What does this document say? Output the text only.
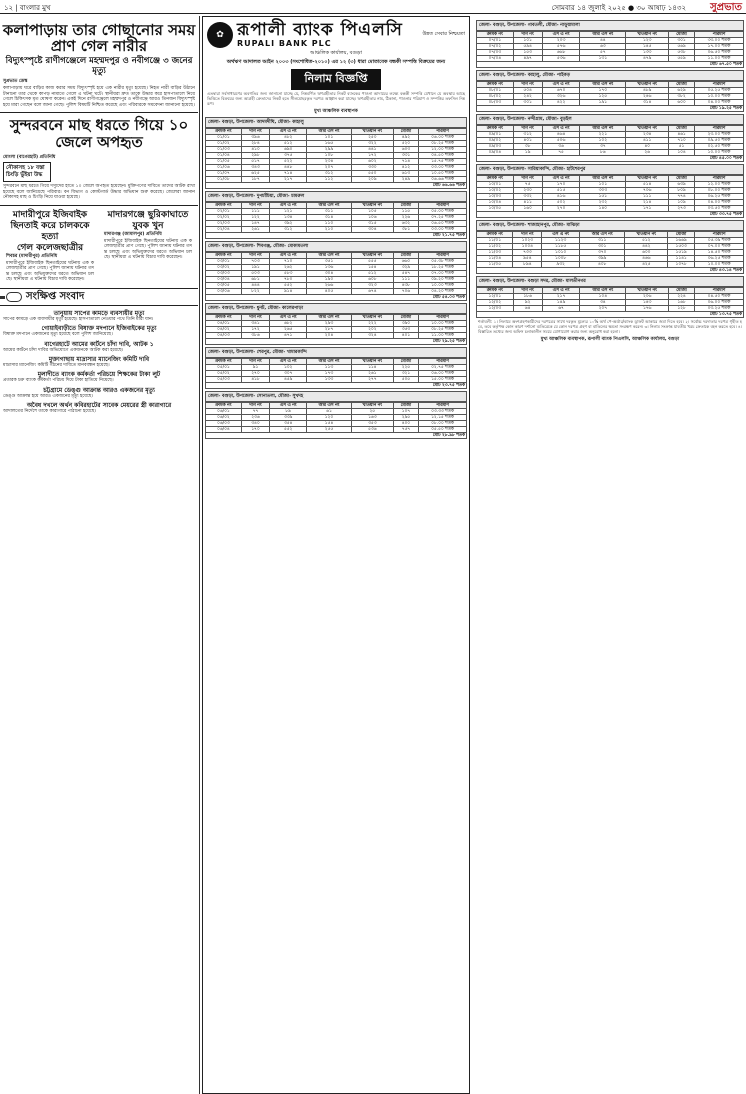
১২ | বাংলার মুখ	সোমবার ১৪ জুলাই ২০২৫ ● ৩০ আষাঢ় ১৪৩২ সুপ্রভাত
কলাপাড়ায় তার গোছানোর সময় প্রাণ গেল নারীর
বিদ্যুৎস্পৃষ্টে রাণীগঞ্জেলে মহম্মদপুর ও নবীগঞ্জে ৩ জনের মৃত্যু
সুপ্রভাত ডেস্ক

কলাপাড়ায় ঘরে বাড়ির কাজ করার সময় বিদ্যুৎস্পৃষ্ট হয়ে এক নারীর মৃত্যু হয়েছে। নিহত নারী বাড়ির উঠানে টানানো তার থেকে কাপড় নামাতে গেলে এ ঘটনা ঘটে। স্থানীয়রা দ্রুত তাকে উদ্ধার করে হাসপাতালে নিয়ে গেলে চিকিৎসক মৃত ঘোষণা করেন। একই দিনে রাণীগঞ্জেলে মহম্মদপুর ও নবীগঞ্জে আরও তিনজন বিদ্যুৎস্পৃষ্ট হয়ে মারা গেছেন বলে জানা গেছে। পুলিশ বিষয়টি নিশ্চিত করেছে এবং পরিবারকে সমবেদনা জানানো হয়েছে।

সুন্দরবনে মাছ ধরতে গিয়ে ১০ জেলে অপহৃত
মোংলা (বাগেরহাট) প্রতিনিধি
নৌকাসহ ১৮ বস্তা চিংড়ি ভুঁইয়া উদ্ধ

সুন্দরবনে মাছ ধরতে গিয়ে দস্যুদের হাতে ১০ জেলে অপহৃত হয়েছেন। মুক্তিপণের দাবিতে তাদের আটক রাখা হয়েছে বলে জানিয়েছে পরিবার। বন বিভাগ ও কোস্টগার্ড উদ্ধার অভিযান শুরু করেছে। জেলেরা জানান নৌকাসহ মাছ ও চিংড়ি নিয়ে যাওয়া হয়েছে।

মাদারীপুরে ইজিবাইক ছিনতাই করে চালককে হত্যা
গেল কলেজছাত্রীর
শিবচর (মাদারীপুর) প্রতিনিধি

মাদারীপুরে ইজিবাইক ছিনতাইয়ের ঘটনায় এক কলেজছাত্রীর প্রাণ গেছে। পুলিশ জানায় ঘটনার তদন্ত চলছে এবং অভিযুক্তদের ধরতে অভিযান চলছে। স্থানীয়রা এ ঘটনায় বিচার দাবি করেছেন।

মাদারগঞ্জে ছুরিকাঘাতে যুবক খুন
মাদারগঞ্জ (জামালপুর) প্রতিনিধি

মাদারীপুরে ইজিবাইক ছিনতাইয়ের ঘটনায় এক কলেজছাত্রীর প্রাণ গেছে। পুলিশ জানায় ঘটনার তদন্ত চলছে এবং অভিযুক্তদের ধরতে অভিযান চলছে। স্থানীয়রা এ ঘটনায় বিচার দাবি করেছেন।

সংক্ষিপ্ত সংবাদ
তানুয়ায় সাপের কামড়ে ব্যবসায়ীর মৃত্যু
সাপের কামড়ে এক ব্যবসায়ীর মৃত্যু হয়েছে। হাসপাতালে নেওয়ার পথে তিনি মারা যান।
গোয়াইবাড়ীতে বিষাক্ত মদপানে ইজিবাইকের মৃত্যু
বিষাক্ত মদপানে একজনের মৃত্যু হয়েছে বলে পুলিশ জানিয়েছে।
বাগেরহাটে আমের কার্টনে চাঁদা দাবি, আটক ১
আমের কার্টনে চাঁদা দাবির অভিযোগে একজনকে আটক করা হয়েছে।
মুক্তাগাছায় মাদ্রাসার ম্যানেজিং কমিটি দাবি
মাদ্রাসার ম্যানেজিং কমিটি গঠনের দাবিতে মানববন্ধন হয়েছে।
মুলাদীতে ব্যাংক কর্মকর্তা পরিচয়ে শিক্ষকের টাকা লুট
প্রতারক চক্র ব্যাংক কর্মকর্তা পরিচয় দিয়ে টাকা হাতিয়ে নিয়েছে।
চট্টগ্রামে ডেঙ্গু আক্রান্ত আরও একজনের মৃত্যু
ডেঙ্গু আক্রান্ত হয়ে আরও একজনের মৃত্যু হয়েছে।
অবৈধ দখলে অর্থন কবিরহাটের সাবেক মেয়রের স্ত্রী কারাগারে
আদালতের নির্দেশে তাকে কারাগারে পাঠানো হয়েছে।
✿ রূপালী ব্যাংক পিএলসি
RUPALI BANK PLC
উন্নত সেবার নিশ্চয়তা
আঞ্চলিক কার্যালয়, বগুড়া
অর্থঋণ আদালত আইন ২০০৩ (সংশোধিত-২০১০) এর ১২ (৩) ধারা মোতাবেক বন্ধকী সম্পত্তি বিক্রয়ের জন্য
নিলাম বিজ্ঞপ্তি
এতদ্বারা সর্বসাধারণের অবগতির জন্য জানানো যাচ্ছে যে, নিম্নবর্ণিত ঋণগ্রহীতার নিকট ব্যাংকের পাওনা আদায়ের লক্ষ্যে বন্ধকী সম্পত্তি যেখানে যে অবস্থায় আছে ভিত্তিতে বিক্রয়ের জন্য আগ্রহী ক্রেতাদের নিকট হতে সীলমোহরকৃত দরপত্র আহ্বান করা যাচ্ছে। ঋণগ্রহীতার নাম, ঠিকানা, পাওনার পরিমাণ ও সম্পত্তির তফসিল নিম্নরূপ।
মুখ্য আঞ্চলিক ব্যবস্থাপক
জেলা- বগুড়া, উপজেলা- আদমদীঘি, মৌজা- কাহালু
ক্রমিক নং	দাগ নং	এস এ নং	আর এস নং	খতিয়ান নং	মৌজা	পরিমাণ
০১/০১	৩৯৬	৪৮২	১০১	২৫০	৪৯২	০৬.০০ শতক
০১/০২	২৮৪	৫১২	১৬৫	৩২২	৫২০	০৮.২৫ শতক
০১/০৩	৪১০	৬৯০	২৯৯	৪৪১	৬০৩	১২.০০ শতক
০১/০৪	২৯৮	৩৭৫	১০৮	১৭২	৩৩১	০৪.৫০ শতক
০১/০৫	৫১৭	৫২২	২৩৪	৬০২	৭১৪	১৫.৭৫ শতক
০১/০৬	৩৪৩	৪৪৮	২০৭	৩৩০	৪১২	০৩.০০ শতক
০১/০৭	৬২৫	৭১৪	৩১২	৫৫০	৬১৩	১০.৫০ শতক
০১/০৮	১৮৭	২১৭	১১২	২০৯	২৪৯	০৬.৬৬ শতক
মোট ৬৬.৬৬ শতক						
জেলা- বগুড়া, উপজেলা- দুপচাঁচিয়া, মৌজা- চামরুল
ক্রমিক নং	দাগ নং	এস এ নং	আর এস নং	খতিয়ান নং	মৌজা	পরিমাণ
০২/০১	১১১	১২১	৩১১	১০৫	১১৫	০৫.০০ শতক
০২/০২	১২২	১৩৪	৩১৪	১০৬	২২৬	০৭.২৫ শতক
০২/০৩	১৪৭	৩৯২	১১০	৩১৫	৬৩২	০৬.৫০ শতক
০২/০৪	২৬১	৩১২	২১০	৩০৪	৩৮১	০৩.০০ শতক
মোট ২১.৭৫ শতক						
জেলা- বগুড়া, উপজেলা- শিবগঞ্জ, মৌজা- মোকামতলা
ক্রমিক নং	দাগ নং	এস এ নং	আর এস নং	খতিয়ান নং	মৌজা	পরিমাণ
০৩/০১	৭০৩	৭১০	৩৫১	৫৫৫	৬৬০	০৫.৩৮ শতক
০৩/০২	১৯১	২৬২	১৩৬	১৫৪	৩২৯	১৮.২৫ শতক
০৩/০৩	৫০৩	৫৮৩	৩০৪	৫১২	৫৪৭	০৭.০০ শতক
০৩/০৪	৬৮১	৭৮০	১৯০	৬০৮	১১১	০৯.২০ শতক
০৩/০৫	৪৪৪	৫৫২	২৬৬	৩২৩	৪৩৮	১০.০০ শতক
০৩/০৬	৮২২	৯১৪	৪০৫	৬৭৪	৭০৬	০৪.২০ শতক
মোট ৫৪.০৩ শতক						
জেলা- বগুড়া, উপজেলা- ধুনট, মৌজা- কালেরপাড়া
ক্রমিক নং	দাগ নং	এস এ নং	আর এস নং	খতিয়ান নং	মৌজা	পরিমাণ
০৪/০১	৩৪১	৬৮২	২৯৩	২২২	৩৯০	১০.০০ শতক
০৪/০২	১৭২	২৬৫	২৮৭	২০২	৩৫৩	০৮.২৫ শতক
০৪/০৩	৩৮৬	৪৭১	২০৪	৩২৪	৪০১	১১.০০ শতক
মোট ২৯.২৫ শতক						
জেলা- বগুড়া, উপজেলা- শেরপুর, মৌজা- খামারকান্দি
ক্রমিক নং	দাগ নং	এস এ নং	আর এস নং	খতিয়ান নং	মৌজা	পরিমাণ
০৫/০১	৯১	১০২	১১৩	১১৪	২২৫	০২.৭৫ শতক
০৫/০২	২৭০	৩০৭	১৭৩	২৬১	৩২১	০৬.০০ শতক
০৫/০৩	৪১৮	৪৫৯	১৩৩	২৭৭	৫০৫	১৫.০০ শতক
মোট ২৩.৭৫ শতক						
জেলা- বগুড়া, উপজেলা- সোনাতলা, মৌজা- সুখদহ
ক্রমিক নং	দাগ নং	এস এ নং	আর এস নং	খতিয়ান নং	মৌজা	পরিমাণ
০৬/০১	৭৭	৮৯	৬১	২৫	১০৭	০৩.৩৩ শতক
০৬/০২	২৩৬	৩৩৯	১২০	১৬৩	২৯৫	১২.১৫ শতক
০৬/০৩	৩৪০	৩৫৪	১৫৪	৩৫৩	৪০০	০৮.০০ শতক
০৬/০৪	১৭০	৫৫২	২৫৫	৫৩৬	৭৫৭	০৫.৫০ শতক
মোট ২৮.৯৮ শতক						
জেলা- বগুড়া, উপজেলা- গাবতলী, মৌজা- নাড়ুয়ামালা
ক্রমিক নং	দাগ নং	এস এ নং	আর এস নং	খতিয়ান নং	মৌজা	পরিমাণ
০৭/০১	১০১	২০৩	৪৪	১২৩	৩০১	৩৩.০০ শতক
০৭/০২	৫৯৪	৫৭৬	৬৩	১৪৫	৫৬৯	১৭.০০ শতক
০৭/০৩	১৫৩	৬৬৮	৫৭	১৩৩	৫৩৮	০৬.৫০ শতক
০৭/০৪	৪৯৭	৫৩৬	১৩১	৪৭৯	৫৫৯	১১.০০ শতক
মোট ৬৭.৫০ শতক						
জেলা- বগুড়া, উপজেলা- কাহালু, মৌজা- পাইকড়
ক্রমিক নং	দাগ নং	এস এ নং	আর এস নং	খতিয়ান নং	মৌজা	পরিমাণ
০৮/০১	৫০৪	৬৭০	১৭০	৪৮৯	৬২৯	০৫.২৫ শতক
০৮/০২	২৪২	৩২৬	১২৫	২৪৬	৩৮২	১০.০০ শতক
০৮/০৩	৩০১	৪২২	১৯১	৩১৪	৬০০	০৪.০০ শতক
মোট ১৯.২৫ শতক						
জেলা- বগুড়া, উপজেলা- নন্দীগ্রাম, মৌজা- বুড়ইল
ক্রমিক নং	দাগ নং	এস এ নং	আর এস নং	খতিয়ান নং	মৌজা	পরিমাণ
০৯/০১	৩১২	৪৬৪	২২১	২৩৪	৪৬১	২৩.০০ শতক
০৯/০২	৪০১	৫০৬	১০২	৪১১	৭১০	০৯.৫০ শতক
০৯/০৩	৩৮	৩৬	৩৭	৪০	৫১	০২.৫০ শতক
০৯/০৪	১৯	৭৫	৮৬	২৬	১০৪	১০.০০ শতক
মোট ৪৫.০০ শতক						
জেলা- বগুড়া, উপজেলা- সারিয়াকান্দি, মৌজা- হাটশেরপুর
ক্রমিক নং	দাগ নং	এস এ নং	আর এস নং	খতিয়ান নং	মৌজা	পরিমাণ
১০/০১	৭৫	১৭০	১০১	৫১৪	৬৩৯	১২.০০ শতক
১০/০২	২৩০	৫১৫	৩০৩	৭০৬	৮০৯	০৮.০০ শতক
১০/০৩	৩৩২	৪১৬	১৫১	১১১	৭৭৪	০৬.২৫ শতক
১০/০৪	৪১১	৫০২	২৩২	২১৪	১০৯	০৪.০০ শতক
১০/০৫	১৬০	২৭০	১৪০	১৭১	২৭৩	০৩.৫০ শতক
মোট ৩৩.৭৫ শতক						
জেলা- বগুড়া, উপজেলা- শাজাহানপুর, মৌজা- মাঝিড়া
ক্রমিক নং	দাগ নং	এস এ নং	আর এস নং	খতিয়ান নং	মৌজা	পরিমাণ
১১/০১	১০২৩	১১২৩	৩১১	৫১২	১৬৬৯	০৫.৩৯ শতক
১১/০২	১০০৪	১১৮৫	৩০১	৪৪২	১৫০৩	০৭.০০ শতক
১১/০৩	৭৩৩	১০১০	৩৭০	৬০০	১৫১৯	১৪.৫০ শতক
১১/০৪	৯৫৪	১০০৮	৩৯৯	৪৬৬	১১৪১	০৬.২৫ শতক
১১/০৫	৮৯৪	৯৩২	৪০৮	৪২৫	১০৭৮	১০.০০ শতক
মোট ৪৩.১৪ শতক						
জেলা- বগুড়া, উপজেলা- বগুড়া সদর, মৌজা- মালতীনগর
ক্রমিক নং	দাগ নং	এস এ নং	আর এস নং	খতিয়ান নং	মৌজা	পরিমাণ
১২/০১	১৮৬	২১৭	১০৪	২০৬	২২৪	০৪.৫০ শতক
১২/০২	৯২	১৪৯	৩৪	১৪৩	১৬৮	০৬.০০ শতক
১২/০৩	৬৪	৬৭	২০৭	১৭৬	১২৮	০৩.২৫ শতক
মোট ১৩.৭৫ শতক						
শর্তাবলী: ১। নিলামে অংশগ্রহণকারীদের দরপত্রের সাথে দরকৃত মূল্যের ১০% অর্থ পে-অর্ডার/ব্যাংক ড্রাফট আকারে জমা দিতে হবে। ২। সর্বোচ্চ দরদাতার দরপত্র গৃহীত হবে, তবে কর্তৃপক্ষ কোন কারণ দর্শানো ব্যতিরেকে যে কোন দরপত্র গ্রহণ বা বাতিলের ক্ষমতা সংরক্ষণ করেন। ৩। নিলাম সংক্রান্ত যাবতীয় খরচ ক্রেতাকে বহন করতে হবে। ৪। বিস্তারিত তথ্যের জন্য অফিস চলাকালীন সময়ে যোগাযোগ করার জন্য অনুরোধ করা হলো।
মুখ্য আঞ্চলিক ব্যবস্থাপক, রূপালী ব্যাংক পিএলসি, আঞ্চলিক কার্যালয়, বগুড়া
